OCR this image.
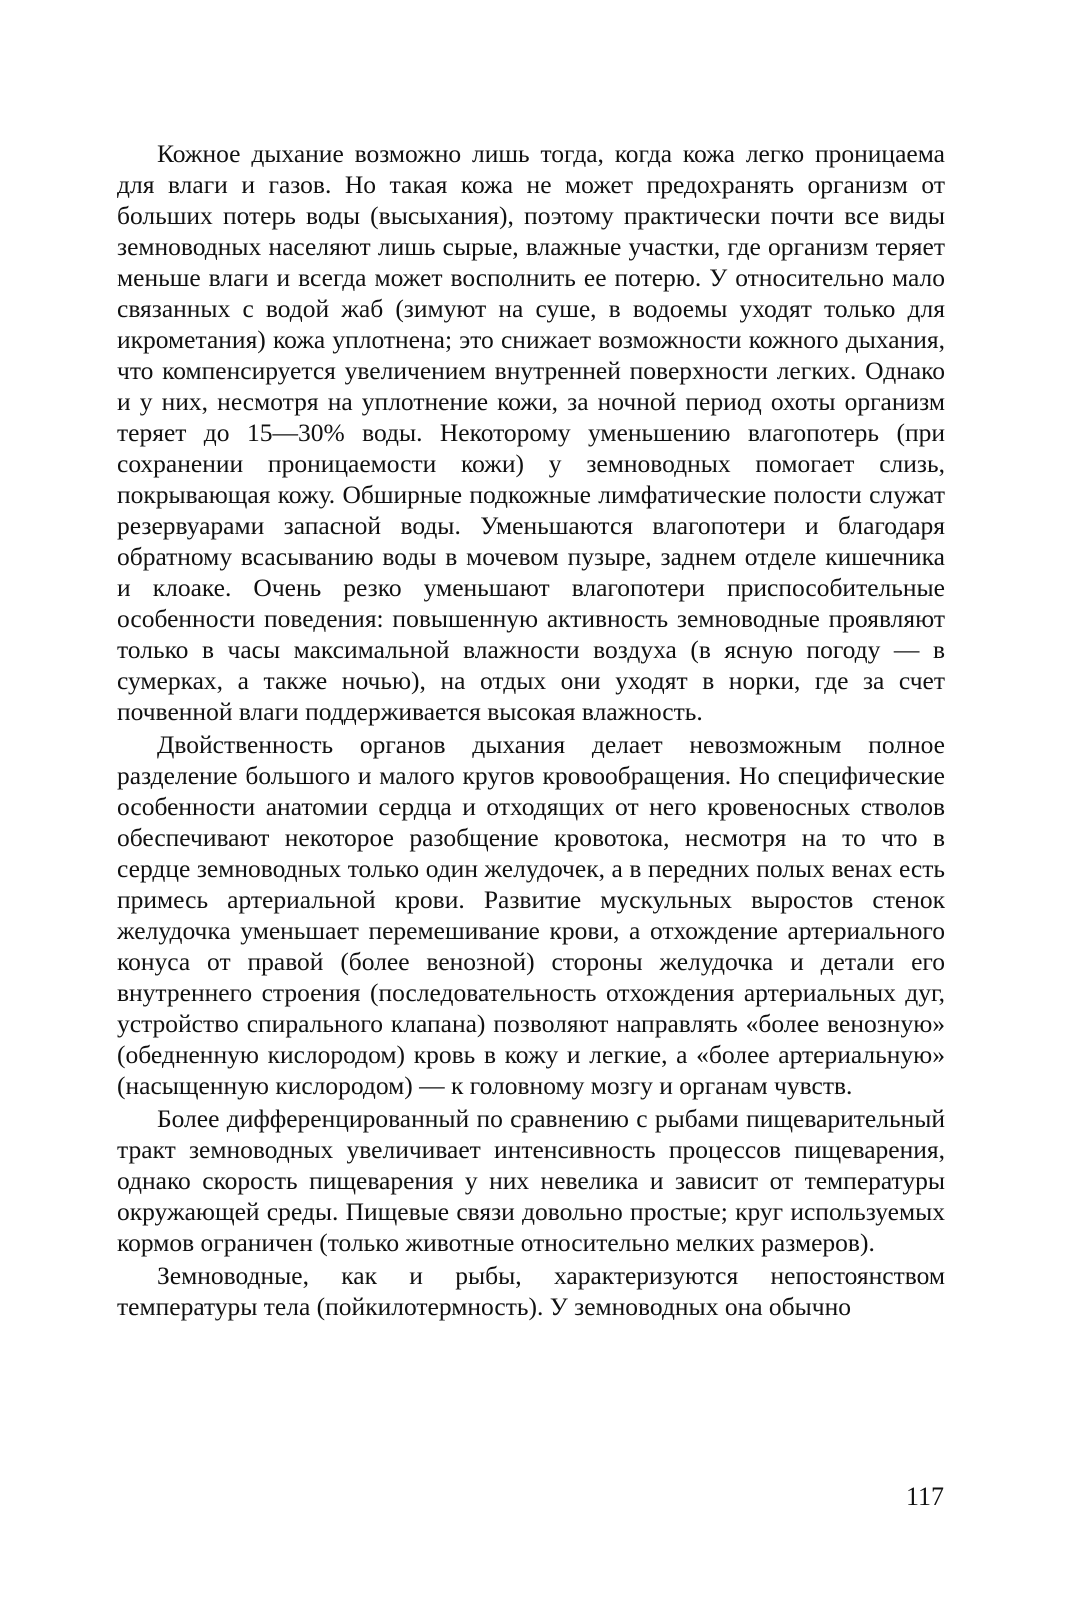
Кожное дыхание возможно лишь тогда, когда кожа легко проницаема для влаги и газов. Но такая кожа не может предохранять организм от больших потерь воды (высыхания), поэтому практически почти все виды земноводных населяют лишь сырые, влажные участки, где организм теряет меньше влаги и всегда может восполнить ее потерю. У относительно мало связанных с водой жаб (зимуют на суше, в водоемы уходят только для икрометания) кожа уплотнена; это снижает возможности кожного дыхания, что компенсируется увеличением внутренней поверхности легких. Однако и у них, несмотря на уплотнение кожи, за ночной период охоты организм теряет до 15—30% воды. Некоторому уменьшению влагопотерь (при сохранении проницаемости кожи) у земноводных помогает слизь, покрывающая кожу. Обширные подкожные лимфатические полости служат резервуарами запасной воды. Уменьшаются влагопотери и благодаря обратному всасыванию воды в мочевом пузыре, заднем отделе кишечника и клоаке. Очень резко уменьшают влагопотери приспособительные особенности поведения: повышенную активность земноводные проявляют только в часы максимальной влажности воздуха (в ясную погоду — в сумерках, а также ночью), на отдых они уходят в норки, где за счет почвенной влаги поддерживается высокая влажность.

Двойственность органов дыхания делает невозможным полное разделение большого и малого кругов кровообращения. Но специфические особенности анатомии сердца и отходящих от него кровеносных стволов обеспечивают некоторое разобщение кровотока, несмотря на то что в сердце земноводных только один желудочек, а в передних полых венах есть примесь артериальной крови. Развитие мускульных выростов стенок желудочка уменьшает перемешивание крови, а отхождение артериального конуса от правой (более венозной) стороны желудочка и детали его внутреннего строения (последовательность отхождения артериальных дуг, устройство спирального клапана) позволяют направлять «более венозную» (обедненную кислородом) кровь в кожу и легкие, а «более артериальную» (насыщенную кислородом) — к головному мозгу и органам чувств.

Более дифференцированный по сравнению с рыбами пищеварительный тракт земноводных увеличивает интенсивность процессов пищеварения, однако скорость пищеварения у них невелика и зависит от температуры окружающей среды. Пищевые связи довольно простые; круг используемых кормов ограничен (только животные относительно мелких размеров).

Земноводные, как и рыбы, характеризуются непостоянством температуры тела (пойкилотермность). У земноводных она обычно

117
